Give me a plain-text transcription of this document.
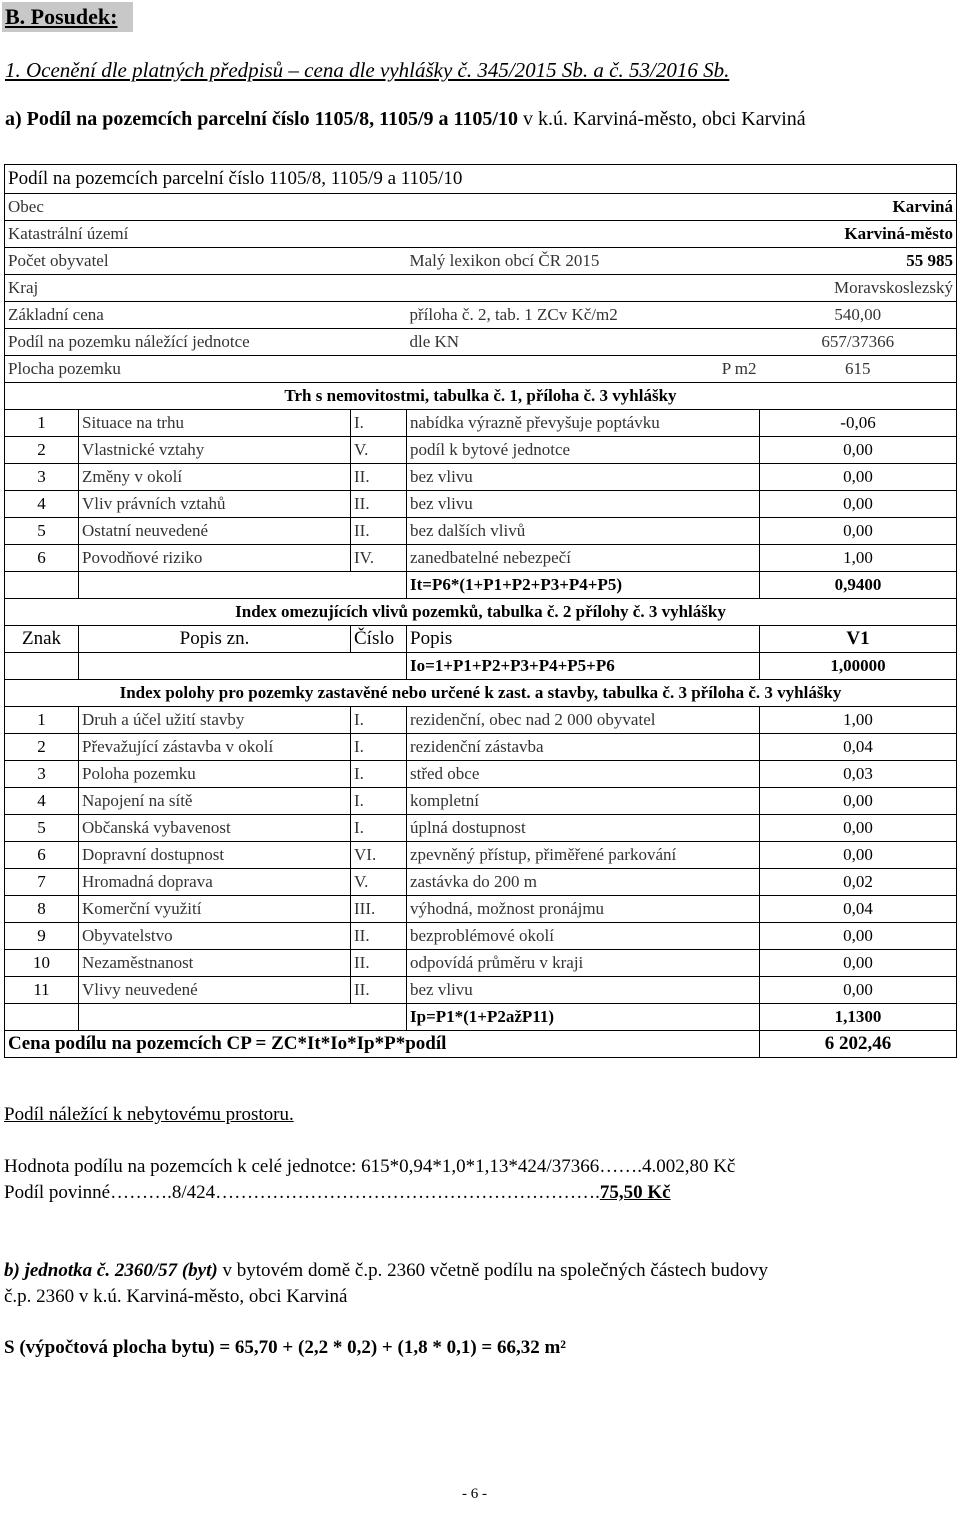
B. Posudek:
1. Ocenění dle platných předpisů – cena dle vyhlášky č. 345/2015 Sb. a č. 53/2016 Sb.
a) Podíl na pozemcích parcelní číslo 1105/8, 1105/9 a 1105/10 v k.ú. Karviná-město, obci Karviná
Podíl na pozemcích parcelní číslo 1105/8, 1105/9 a 1105/10				
Obec				Karviná
Katastrální území				Karviná-město
Počet obyvatel			Malý lexikon obcí ČR 2015	55 985
Kraj				Moravskoslezský
Základní cena			příloha č. 2, tab. 1 ZCv Kč/m2	540,00
Podíl na pozemku náležící jednotce			dle KN	657/37366
Plocha pozemku			P m2	615
Trh s nemovitostmi, tabulka č. 1, příloha č. 3 vyhlášky				
1	Situace na trhu	I.	nabídka výrazně převyšuje poptávku	-0,06
2	Vlastnické vztahy	V.	podíl k bytové jednotce	0,00
3	Změny v okolí	II.	bez vlivu	0,00
4	Vliv právních vztahů	II.	bez vlivu	0,00
5	Ostatní neuvedené	II.	bez dalších vlivů	0,00
6	Povodňové riziko	IV.	zanedbatelné nebezpečí	1,00
			It=P6*(1+P1+P2+P3+P4+P5)	0,9400
Index omezujících vlivů pozemků, tabulka č. 2 přílohy č. 3 vyhlášky				
Znak	Popis zn.	Číslo	Popis	V1
			Io=1+P1+P2+P3+P4+P5+P6	1,00000
Index polohy pro pozemky zastavěné nebo určené k zast. a stavby, tabulka č. 3 příloha č. 3 vyhlášky				
1	Druh a účel užití stavby	I.	rezidenční, obec nad 2 000 obyvatel	1,00
2	Převažující zástavba v okolí	I.	rezidenční zástavba	0,04
3	Poloha pozemku	I.	střed obce	0,03
4	Napojení na sítě	I.	kompletní	0,00
5	Občanská vybavenost	I.	úplná dostupnost	0,00
6	Dopravní dostupnost	VI.	zpevněný přístup, přiměřené parkování	0,00
7	Hromadná doprava	V.	zastávka do 200 m	0,02
8	Komerční využití	III.	výhodná, možnost pronájmu	0,04
9	Obyvatelstvo	II.	bezproblémové okolí	0,00
10	Nezaměstnanost	II.	odpovídá průměru v kraji	0,00
11	Vlivy neuvedené	II.	bez vlivu	0,00
			Ip=P1*(1+P2ažP11)	1,1300
Cena podílu na pozemcích CP = ZC*It*Io*Ip*P*podíl				6 202,46
Podíl náležící k nebytovému prostoru.
Hodnota podílu na pozemcích k celé jednotce: 615*0,94*1,0*1,13*424/37366…….4.002,80 Kč
Podíl povinné……….8/424…………………………………………………….75,50 Kč
b) jednotka č. 2360/57 (byt) v bytovém domě č.p. 2360 včetně podílu na společných částech budovy
č.p. 2360 v k.ú. Karviná-město, obci Karviná
S (výpočtová plocha bytu) = 65,70 + (2,2 * 0,2) + (1,8 * 0,1) = 66,32 m²
- 6 -
